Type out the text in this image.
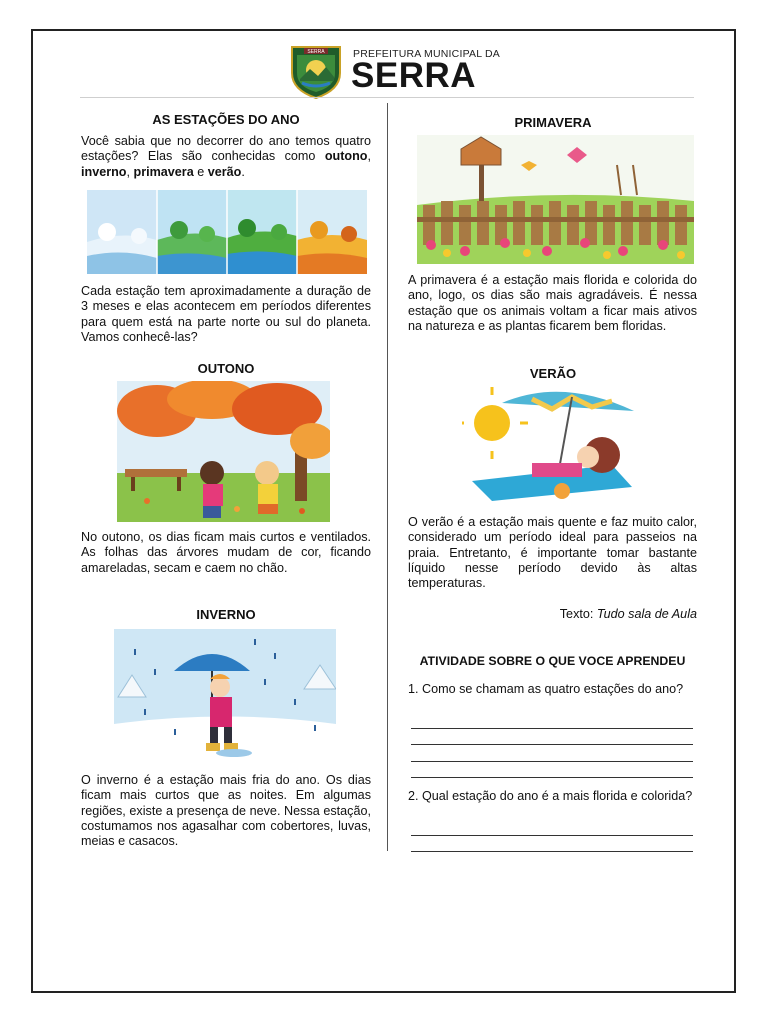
SERRA	PREFEITURA MUNICIPAL DA
SERRA

AS ESTAÇÕES DO ANO

Você sabia que no decorrer do ano temos quatro estações? Elas são conhecidas como outono, inverno, primavera e verão.

Cada estação tem aproximadamente a duração de 3 meses e elas acontecem em períodos diferentes para quem está na parte norte ou sul do planeta. Vamos conhecê-las?

OUTONO

No outono, os dias ficam mais curtos e ventilados. As folhas das árvores mudam de cor, ficando amareladas, secam e caem no chão.

INVERNO

O inverno é a estação mais fria do ano. Os dias ficam mais curtos que as noites. Em algumas regiões, existe a presença de neve. Nessa estação, costumamos nos agasalhar com cobertores, luvas, meias e casacos.

PRIMAVERA

A primavera é a estação mais florida e colorida do ano, logo, os dias são mais agradáveis. É nessa estação que os animais voltam a ficar mais ativos na natureza e as plantas ficarem bem floridas.

VERÃO

O verão é a estação mais quente e faz muito calor, considerado um período ideal para passeios na praia. Entretanto, é importante tomar bastante líquido nesse período devido às altas temperaturas.

Texto: Tudo sala de Aula

ATIVIDADE SOBRE O QUE VOCE APRENDEU

1. Como se chamam as quatro estações do ano?

2. Qual estação do ano é a mais florida e colorida?
